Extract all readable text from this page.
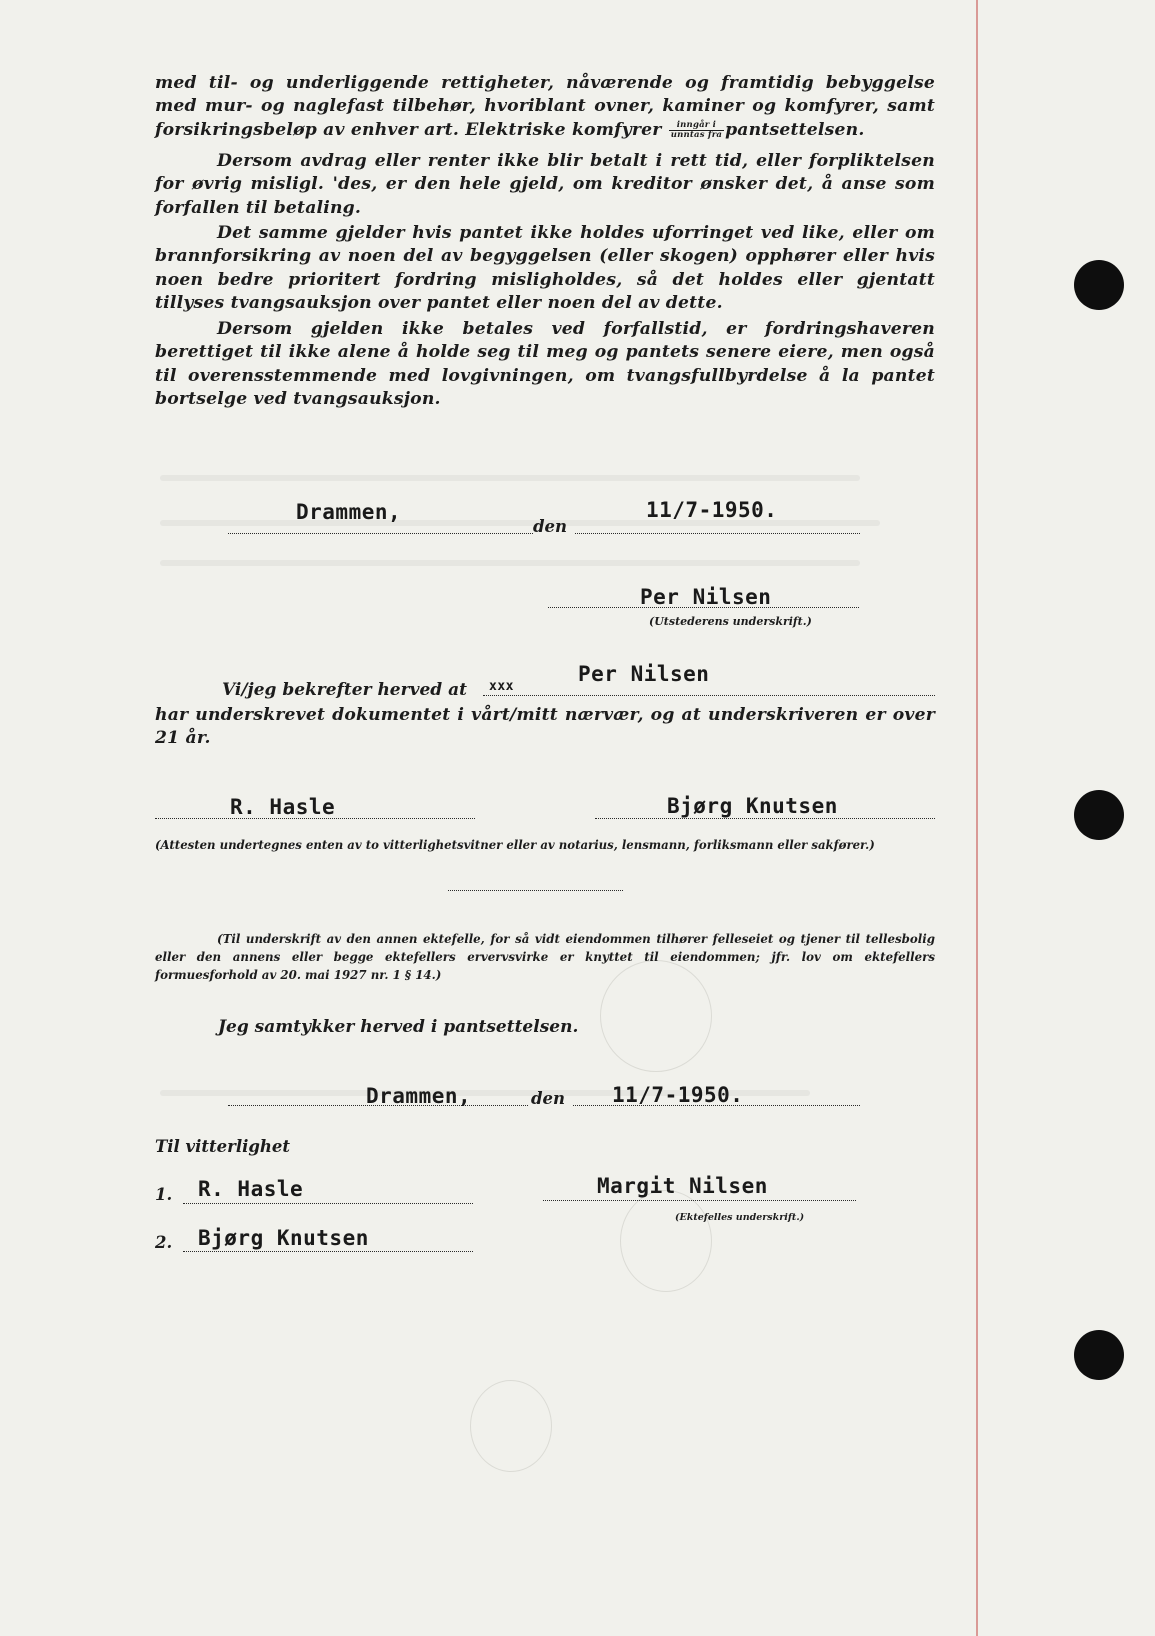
med til- og underliggende rettigheter, nåværende og framtidig bebyggelse med mur- og naglefast tilbehør, hvoriblant ovner, kaminer og komfyrer, samt forsikringsbeløp av enhver art. Elektriske komfyrer $\frac{\text{inngår i}}{\text{unntas fra}}$ pantsettelsen.

Dersom avdrag eller renter ikke blir betalt i rett tid, eller forpliktelsen for øvrig misligl. 'des, er den hele gjeld, om kreditor ønsker det, å anse som forfallen til betaling.

Det samme gjelder hvis pantet ikke holdes uforringet ved like, eller om brannforsikring av noen del av begyggelsen (eller skogen) opphører eller hvis noen bedre prioritert fordring misligholdes, så det holdes eller gjentatt tillyses tvangsauksjon over pantet eller noen del av dette.

Dersom gjelden ikke betales ved forfallstid, er fordringshaveren berettiget til ikke alene å holde seg til meg og pantets senere eiere, men også til overensstemmende med lovgivningen, om tvangsfullbyrdelse å la pantet bortselge ved tvangsauksjon.

Drammen,
den
11/7-1950.
Per Nilsen
(Utstederens underskrift.)
Vi/jeg bekrefter herved at
Per Nilsen
xxx

har underskrevet dokumentet i vårt/mitt nærvær, og at underskriveren er over 21 år.

R. Hasle	Bjørg Knutsen
(Attesten undertegnes enten av to vitterlighetsvitner eller av notarius, lensmann, forliksmann eller sakfører.)

(Til underskrift av den annen ektefelle, for så vidt eiendommen tilhører felleseiet og tjener til tellesbolig eller den annens eller begge ektefellers ervervsvirke er knyttet til eiendommen; jfr. lov om ektefellers formuesforhold av 20. mai 1927 nr. 1 § 14.)

Jeg samtykker herved i pantsettelsen.
Drammen,	den 11/7-1950.
Til vitterlighet
1. R. Hasle	Margit Nilsen
(Ektefelles underskrift.)
2. Bjørg Knutsen
